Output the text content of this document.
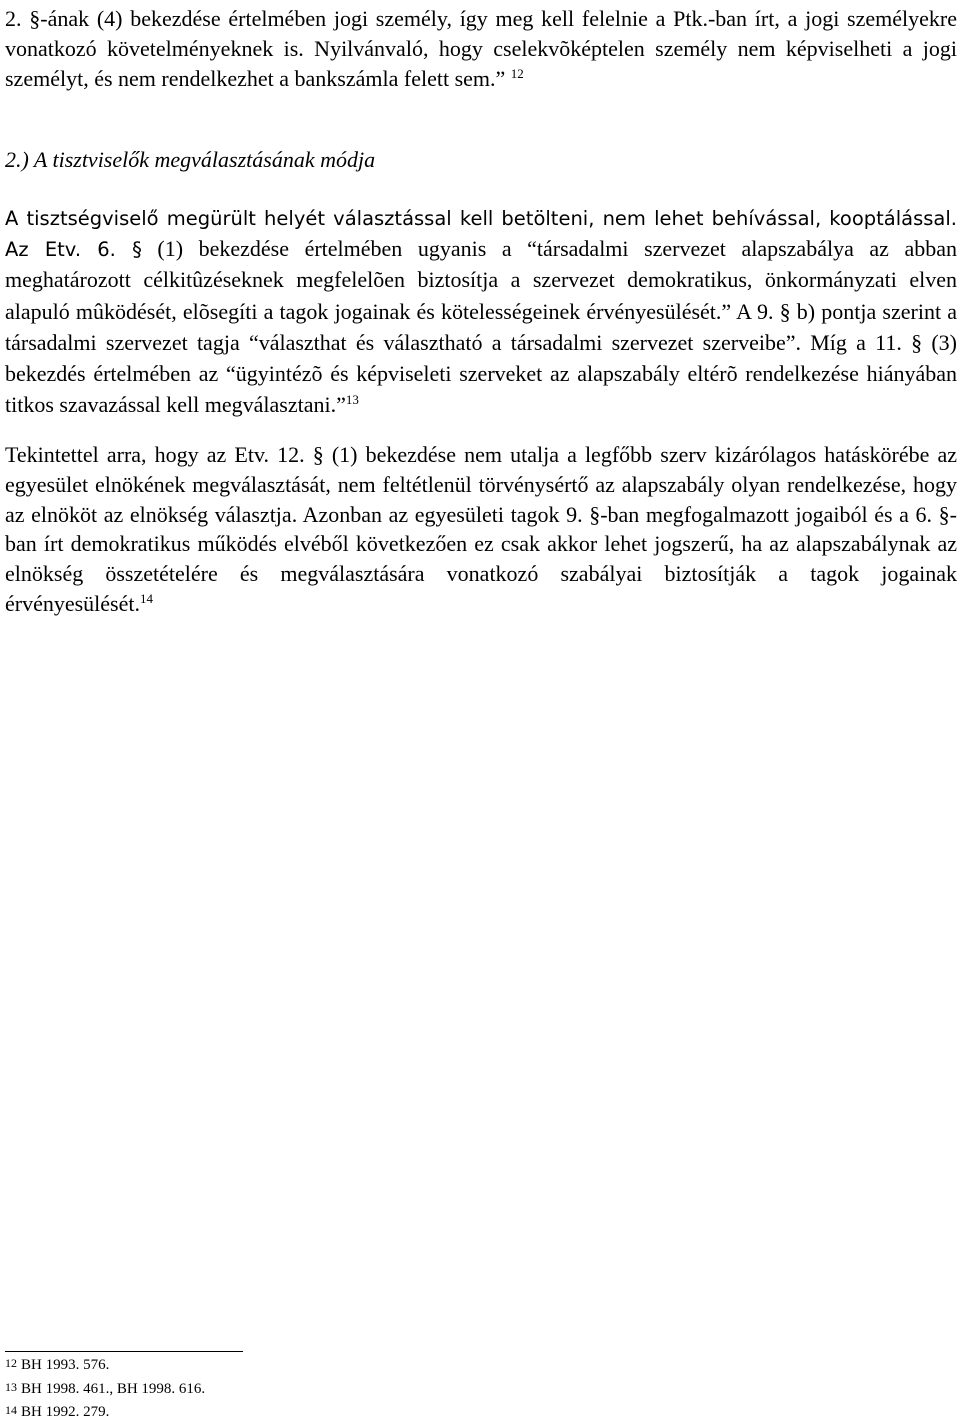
2. §-ának (4) bekezdése értelmében jogi személy, így meg kell felelnie a Ptk.-ban írt, a jogi személyekre vonatkozó követelményeknek is. Nyilvánvaló, hogy cselekvõképtelen személy nem képviselheti a jogi személyt, és nem rendelkezhet a bankszámla felett sem.” $^{12}$

2.) A tisztviselők megválasztásának módja

A tisztségviselő megürült helyét választással kell betölteni, nem lehet behívással, kooptálással. Az Etv. 6. § (1) bekezdése értelmében ugyanis a “társadalmi szervezet alapszabálya az abban meghatározott célkitûzéseknek megfelelõen biztosítja a szervezet demokratikus, önkormányzati elven alapuló mûködését, elõsegíti a tagok jogainak és kötelességeinek érvényesülését.” A 9. § b) pontja szerint a társadalmi szervezet tagja “választhat és választható a társadalmi szervezet szerveibe”. Míg a 11. § (3) bekezdés értelmében az “ügyintézõ és képviseleti szerveket az alapszabály eltérõ rendelkezése hiányában titkos szavazással kell megválasztani.”$^{13}$

Tekintettel arra, hogy az Etv. 12. § (1) bekezdése nem utalja a legfőbb szerv kizárólagos hatáskörébe az egyesület elnökének megválasztását, nem feltétlenül törvénysértő az alapszabály olyan rendelkezése, hogy az elnököt az elnökség választja. Azonban az egyesületi tagok 9. §-ban megfogalmazott jogaiból és a 6. §-ban írt demokratikus működés elvéből következően ez csak akkor lehet jogszerű, ha az alapszabálynak az elnökség összetételére és megválasztására vonatkozó szabályai biztosítják a tagok jogainak érvényesülését.$^{14}$

$^{12}$ BH 1993. 576.

$^{13}$ BH 1998. 461., BH 1998. 616.

$^{14}$ BH 1992. 279.
